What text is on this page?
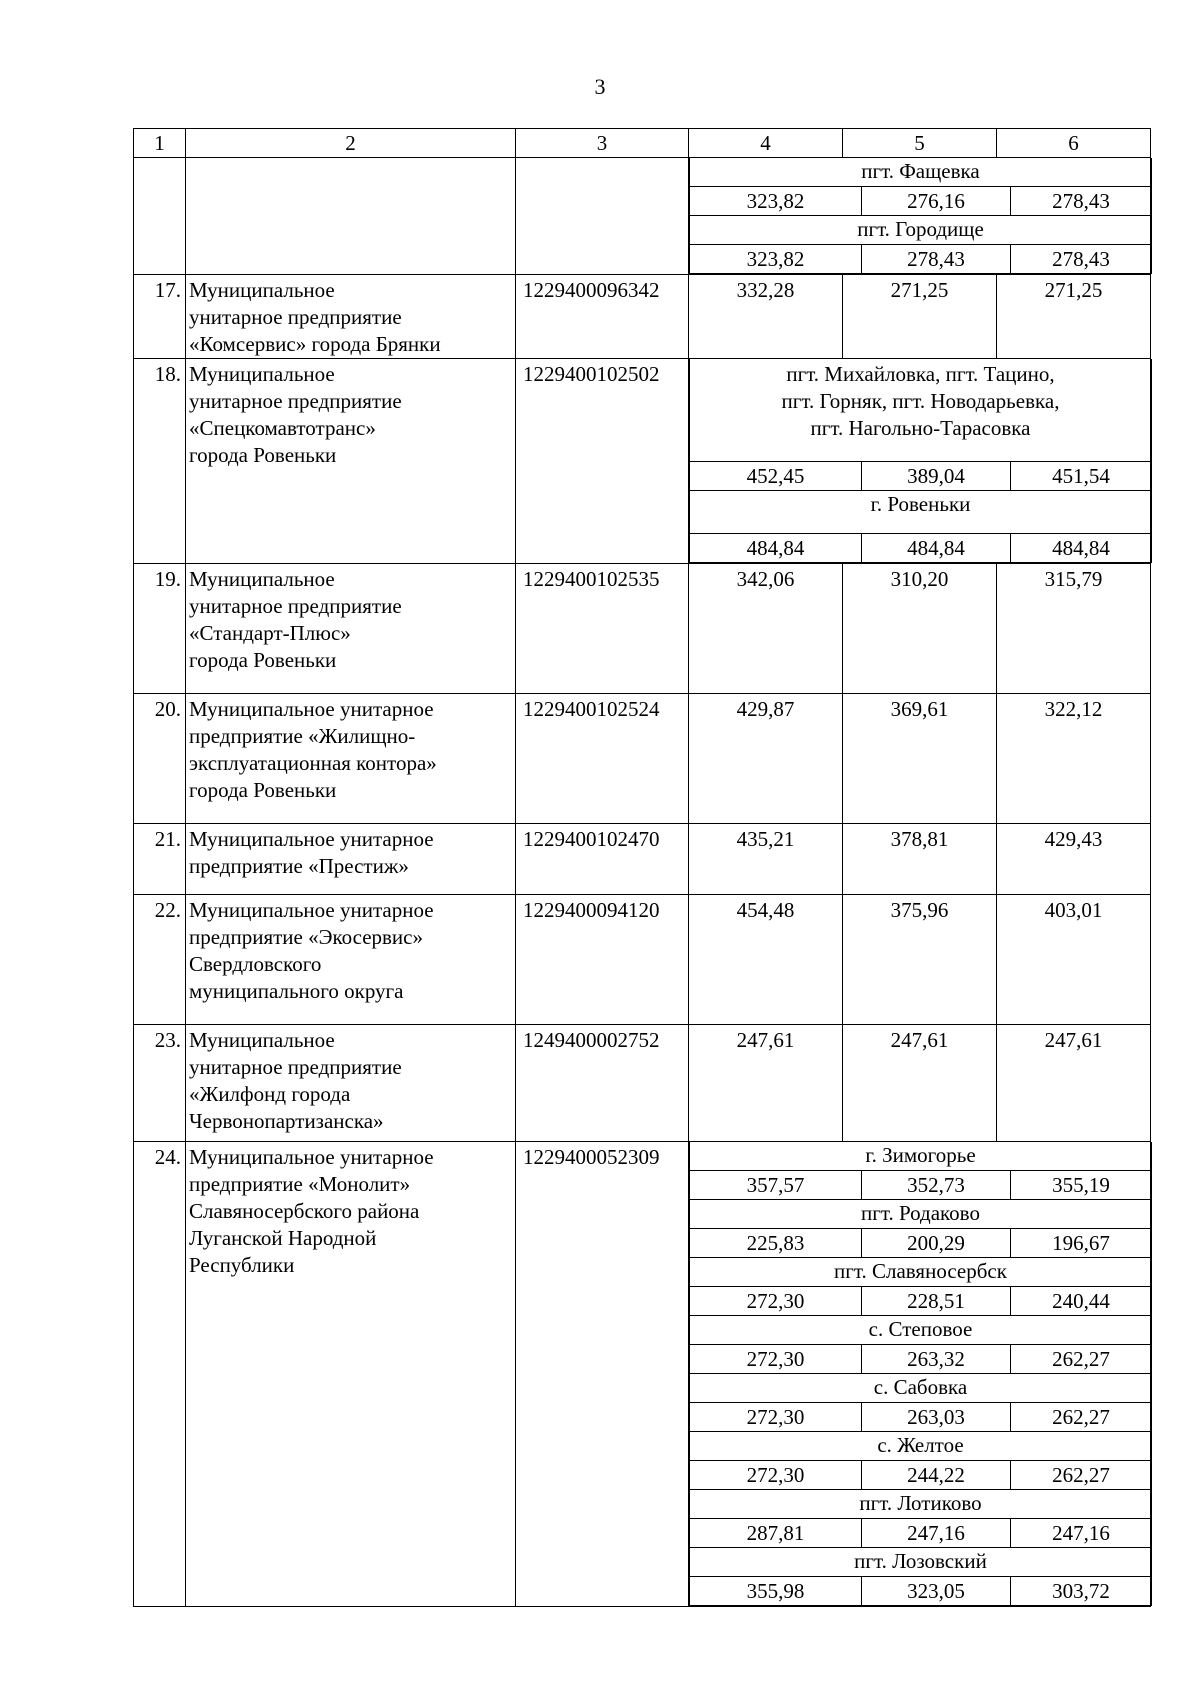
3
1	2	3	4	5	6

пгт. Фащевка
323,82	276,16	278,43
пгт. Городище
323,82	278,43	278,43

17.	Муниципальное
унитарное предприятие
«Комсервис» города Брянки
	1229400096342	332,28	271,25	271,25
18.	Муниципальное
унитарное предприятие
«Спецкомавтотранс»
города Ровеньки
	1229400102502		пгт. Михайловка, пгт. Тацино,
пгт. Горняк, пгт. Новодарьевка,
пгт. Нагольно-Тарасовка

452,45	389,04	451,54
г. Ровеньки
484,84	484,84	484,84

19.	Муниципальное
унитарное предприятие
«Стандарт-Плюс»
города Ровеньки
	1229400102535	342,06	310,20	315,79
20.	Муниципальное унитарное
предприятие «Жилищно-
эксплуатационная контора»
города Ровеньки
	1229400102524	429,87	369,61	322,12
21.	Муниципальное унитарное
предприятие «Престиж»
	1229400102470	435,21	378,81	429,43
22.	Муниципальное унитарное
предприятие «Экосервис»
Свердловского
муниципального округа
	1229400094120	454,48	375,96	403,01
23.	Муниципальное
унитарное предприятие
«Жилфонд города
Червонопартизанска»
	1249400002752	247,61	247,61	247,61
24.	Муниципальное унитарное
предприятие «Монолит»
Славяносербского района
Луганской Народной
Республики
	1229400052309		г. Зимогорье
357,57	352,73	355,19
пгт. Родаково
225,83	200,29	196,67
пгт. Славяносербск
272,30	228,51	240,44
с. Степовое
272,30	263,32	262,27
с. Сабовка
272,30	263,03	262,27
с. Желтое
272,30	244,22	262,27
пгт. Лотиково
287,81	247,16	247,16
пгт. Лозовский
355,98	323,05	303,72
